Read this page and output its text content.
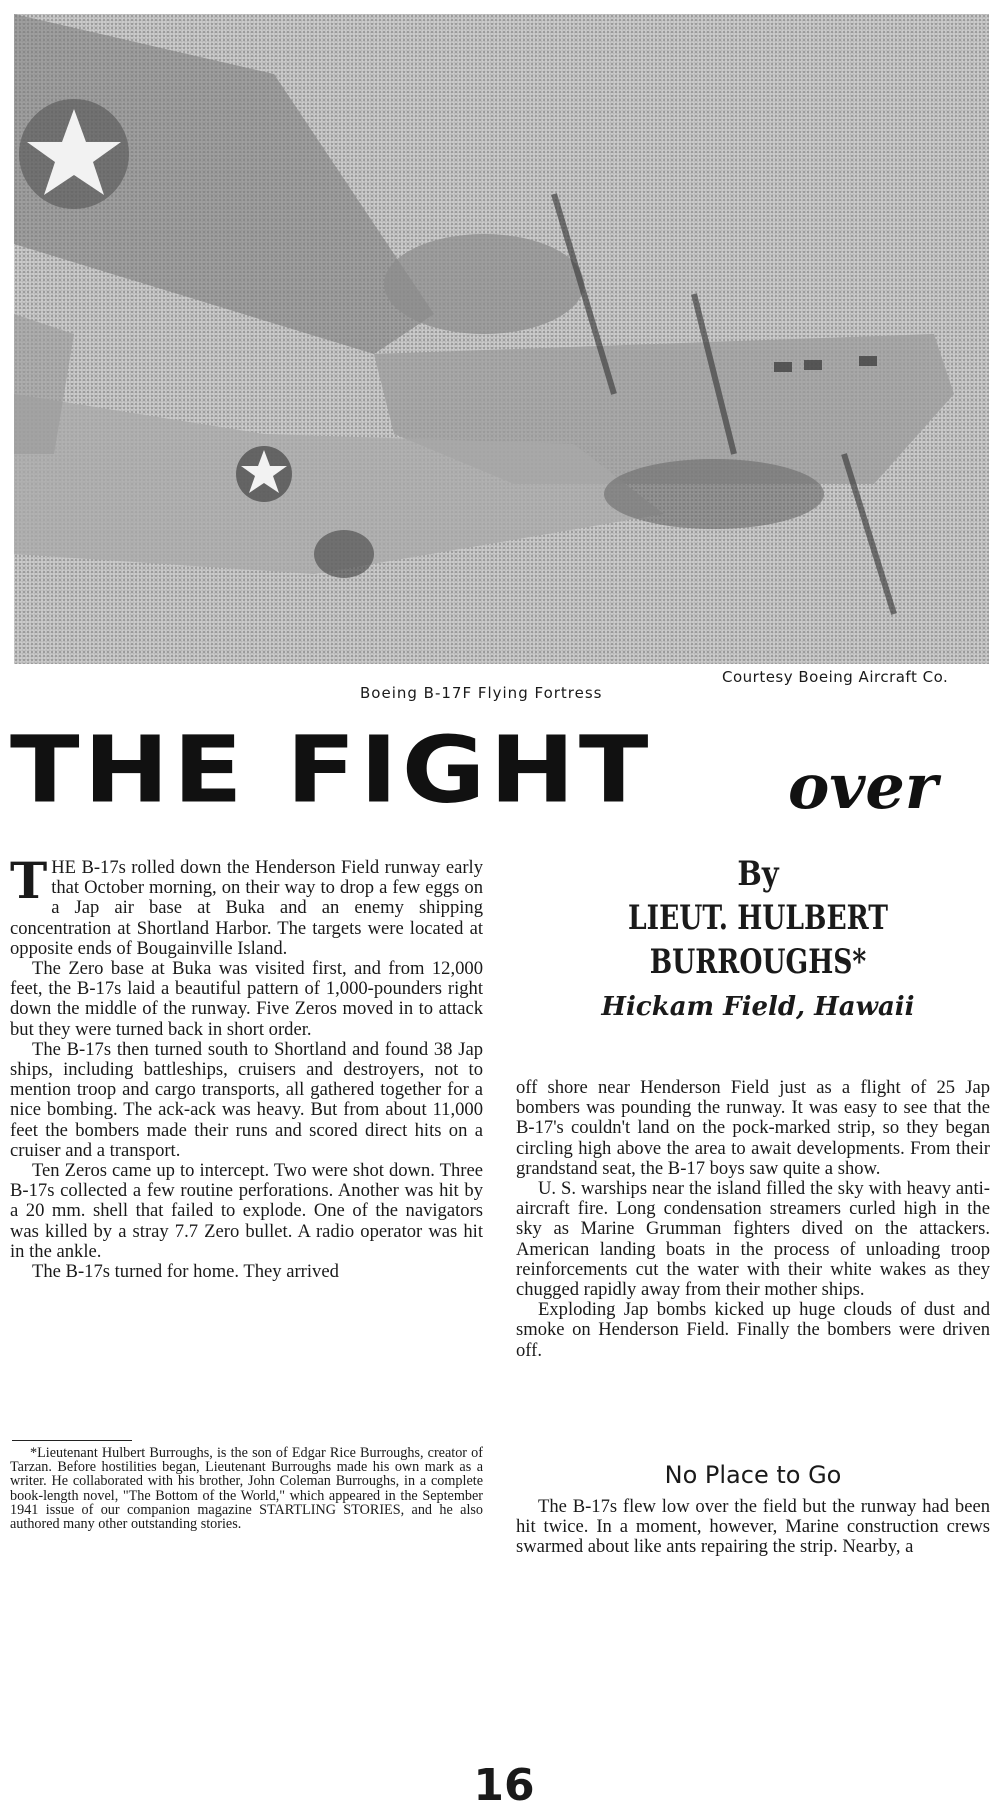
Courtesy Boeing Aircraft Co.
Boeing B-17F Flying Fortress
THE FIGHT	over

THE B-17s rolled down the Henderson Field runway early that October morning, on their way to drop a few eggs on a Jap air base at Buka and an enemy shipping concentration at Shortland Harbor. The targets were located at opposite ends of Bougainville Island.

The Zero base at Buka was visited first, and from 12,000 feet, the B-17s laid a beautiful pattern of 1,000-pounders right down the middle of the runway. Five Zeros moved in to attack but they were turned back in short order.

The B-17s then turned south to Shortland and found 38 Jap ships, including battleships, cruisers and destroyers, not to mention troop and cargo transports, all gathered together for a nice bombing. The ack-ack was heavy. But from about 11,000 feet the bombers made their runs and scored direct hits on a cruiser and a transport.

Ten Zeros came up to intercept. Two were shot down. Three B-17s collected a few routine perforations. Another was hit by a 20 mm. shell that failed to explode. One of the navigators was killed by a stray 7.7 Zero bullet. A radio operator was hit in the ankle.

The B-17s turned for home. They arrived

*Lieutenant Hulbert Burroughs, is the son of Edgar Rice Burroughs, creator of Tarzan. Before hostilities began, Lieutenant Burroughs made his own mark as a writer. He collaborated with his brother, John Coleman Burroughs, in a complete book-length novel, "The Bottom of the World," which appeared in the September 1941 issue of our companion magazine STARTLING STORIES, and he also authored many other outstanding stories.
By
LIEUT. HULBERT
BURROUGHS*
Hickam Field, Hawaii

off shore near Henderson Field just as a flight of 25 Jap bombers was pounding the runway. It was easy to see that the B-17's couldn't land on the pock-marked strip, so they began circling high above the area to await developments. From their grandstand seat, the B-17 boys saw quite a show.

U. S. warships near the island filled the sky with heavy anti-aircraft fire. Long condensation streamers curled high in the sky as Marine Grumman fighters dived on the attackers. American landing boats in the process of unloading troop reinforcements cut the water with their white wakes as they chugged rapidly away from their mother ships.

Exploding Jap bombs kicked up huge clouds of dust and smoke on Henderson Field. Finally the bombers were driven off.

No Place to Go

The B-17s flew low over the field but the runway had been hit twice. In a moment, however, Marine construction crews swarmed about like ants repairing the strip. Nearby, a

16
